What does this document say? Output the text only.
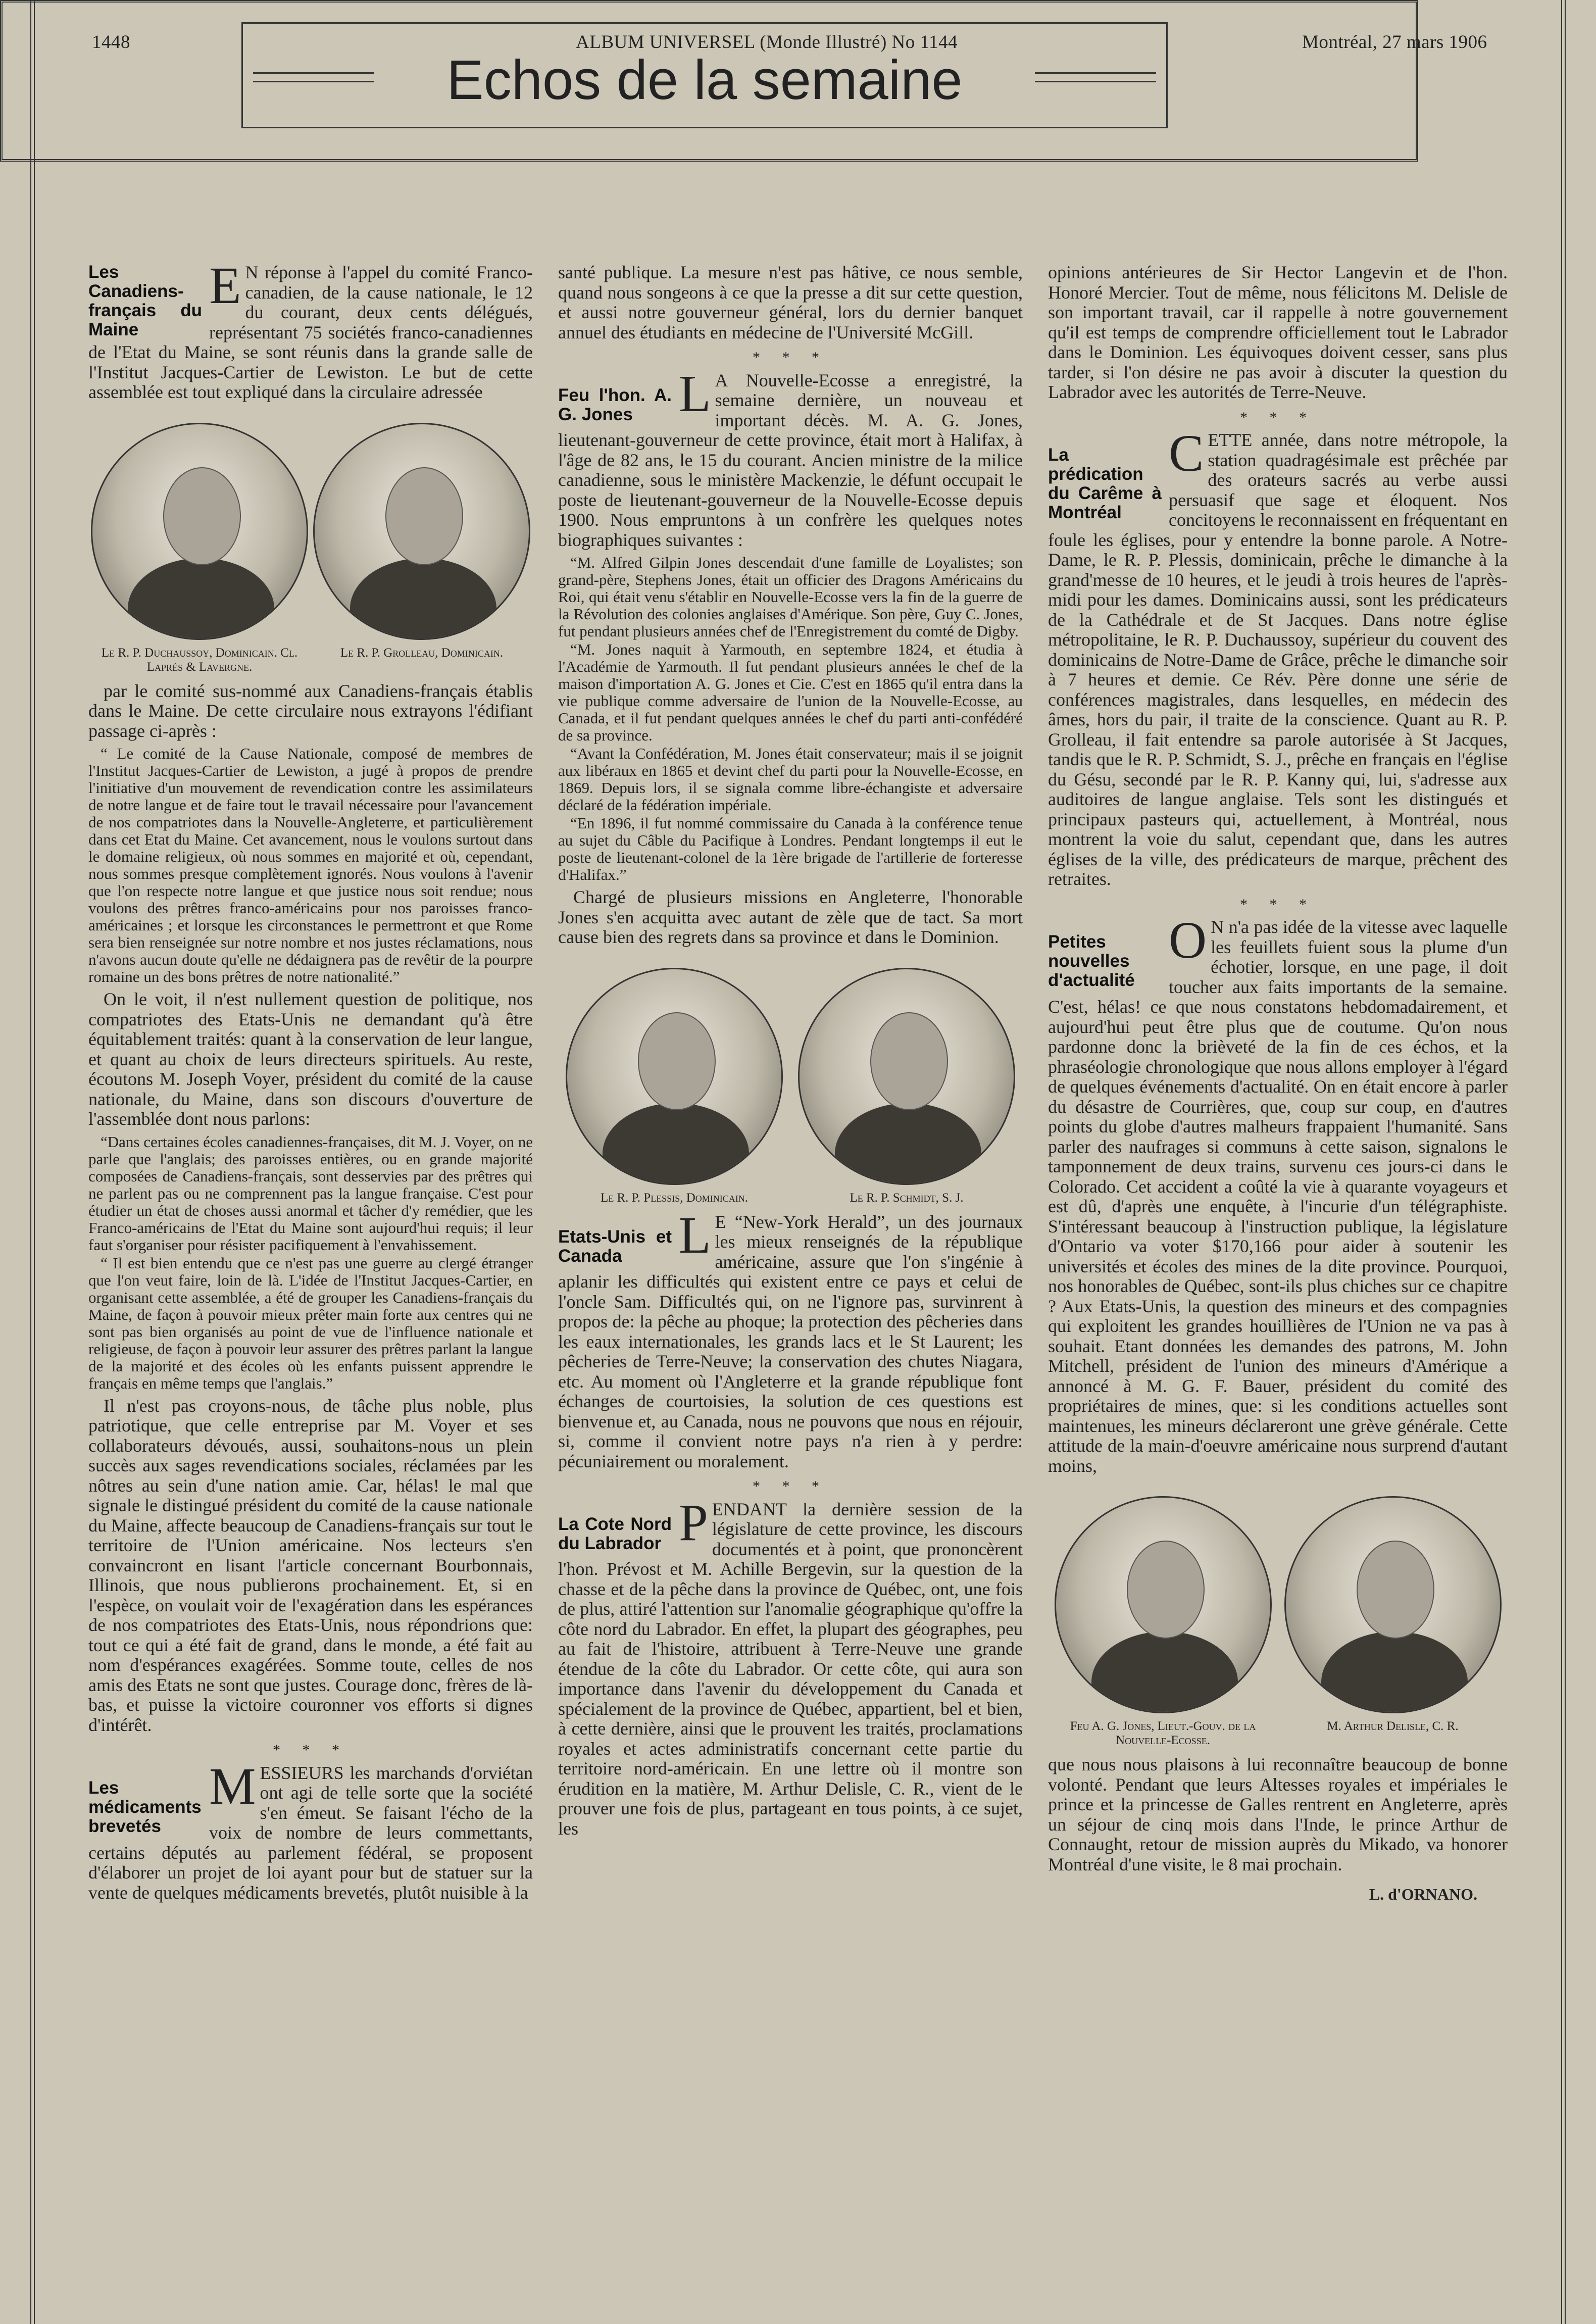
1448	ALBUM UNIVERSEL (Monde Illustré) No 1144	Montréal, 27 mars 1906
Echos de la semaine

Les Canadiens-français du Maine
E N réponse à l'appel du comité Franco-canadien, de la cause nationale, le 12 du courant, deux cents délégués, représentant 75 sociétés franco-canadiennes de l'Etat du Maine, se sont réunis dans la grande salle de l'Institut Jacques-Cartier de Lewiston. Le but de cette assemblée est tout expliqué dans la circulaire adressée

Le R. P. Duchaussoy, Dominicain. Cl. Laprés & Lavergne.
Le R. P. Grolleau, Dominicain.

par le comité sus-nommé aux Canadiens-français établis dans le Maine. De cette circulaire nous extrayons l'édifiant passage ci-après :

“ Le comité de la Cause Nationale, composé de membres de l'Institut Jacques-Cartier de Lewiston, a jugé à propos de prendre l'initiative d'un mouvement de revendication contre les assimilateurs de notre langue et de faire tout le travail nécessaire pour l'avancement de nos compatriotes dans la Nouvelle-Angleterre, et particulièrement dans cet Etat du Maine. Cet avancement, nous le voulons surtout dans le domaine religieux, où nous sommes en majorité et où, cependant, nous sommes presque complètement ignorés. Nous voulons à l'avenir que l'on respecte notre langue et que justice nous soit rendue; nous voulons des prêtres franco-américains pour nos paroisses franco-américaines ; et lorsque les circonstances le permettront et que Rome sera bien renseignée sur notre nombre et nos justes réclamations, nous n'avons aucun doute qu'elle ne dédaignera pas de revêtir de la pourpre romaine un des bons prêtres de notre nationalité.”

On le voit, il n'est nullement question de politique, nos compatriotes des Etats-Unis ne demandant qu'à être équitablement traités: quant à la conservation de leur langue, et quant au choix de leurs directeurs spirituels. Au reste, écoutons M. Joseph Voyer, président du comité de la cause nationale, du Maine, dans son discours d'ouverture de l'assemblée dont nous parlons:

“Dans certaines écoles canadiennes-françaises, dit M. J. Voyer, on ne parle que l'anglais; des paroisses entières, ou en grande majorité composées de Canadiens-français, sont desservies par des prêtres qui ne parlent pas ou ne comprennent pas la langue française. C'est pour étudier un état de choses aussi anormal et tâcher d'y remédier, que les Franco-américains de l'Etat du Maine sont aujourd'hui requis; il leur faut s'organiser pour résister pacifiquement à l'envahissement.

“ Il est bien entendu que ce n'est pas une guerre au clergé étranger que l'on veut faire, loin de là. L'idée de l'Institut Jacques-Cartier, en organisant cette assemblée, a été de grouper les Canadiens-français du Maine, de façon à pouvoir mieux prêter main forte aux centres qui ne sont pas bien organisés au point de vue de l'influence nationale et religieuse, de façon à pouvoir leur assurer des prêtres parlant la langue de la majorité et des écoles où les enfants puissent apprendre le français en même temps que l'anglais.”

Il n'est pas croyons-nous, de tâche plus noble, plus patriotique, que celle entreprise par M. Voyer et ses collaborateurs dévoués, aussi, souhaitons-nous un plein succès aux sages revendications sociales, réclamées par les nôtres au sein d'une nation amie. Car, hélas! le mal que signale le distingué président du comité de la cause nationale du Maine, affecte beaucoup de Canadiens-français sur tout le territoire de l'Union américaine. Nos lecteurs s'en convaincront en lisant l'article concernant Bourbonnais, Illinois, que nous publierons prochainement. Et, si en l'espèce, on voulait voir de l'exagération dans les espérances de nos compatriotes des Etats-Unis, nous répondrions que: tout ce qui a été fait de grand, dans le monde, a été fait au nom d'espérances exagérées. Somme toute, celles de nos amis des Etats ne sont que justes. Courage donc, frères de là-bas, et puisse la victoire couronner vos efforts si dignes d'intérêt.

* * *

Les médicaments brevetés
M ESSIEURS les marchands d'orviétan ont agi de telle sorte que la société s'en émeut. Se faisant l'écho de la voix de nombre de leurs commettants, certains députés au parlement fédéral, se proposent d'élaborer un projet de loi ayant pour but de statuer sur la vente de quelques médicaments brevetés, plutôt nuisible à la

santé publique. La mesure n'est pas hâtive, ce nous semble, quand nous songeons à ce que la presse a dit sur cette question, et aussi notre gouverneur général, lors du dernier banquet annuel des étudiants en médecine de l'Université McGill.

* * *

Feu l'hon. A. G. Jones L A Nouvelle-Ecosse a enregistré, la semaine dernière, un nouveau et important décès. M. A. G. Jones, lieutenant-gouverneur de cette province, était mort à Halifax, à l'âge de 82 ans, le 15 du courant. Ancien ministre de la milice canadienne, sous le ministère Mackenzie, le défunt occupait le poste de lieutenant-gouverneur de la Nouvelle-Ecosse depuis 1900. Nous empruntons à un confrère les quelques notes biographiques suivantes :

“M. Alfred Gilpin Jones descendait d'une famille de Loyalistes; son grand-père, Stephens Jones, était un officier des Dragons Américains du Roi, qui était venu s'établir en Nouvelle-Ecosse vers la fin de la guerre de la Révolution des colonies anglaises d'Amérique. Son père, Guy C. Jones, fut pendant plusieurs années chef de l'Enregistrement du comté de Digby.

“M. Jones naquit à Yarmouth, en septembre 1824, et étudia à l'Académie de Yarmouth. Il fut pendant plusieurs années le chef de la maison d'importation A. G. Jones et Cie. C'est en 1865 qu'il entra dans la vie publique comme adversaire de l'union de la Nouvelle-Ecosse, au Canada, et il fut pendant quelques années le chef du parti anti-confédéré de sa province.

“Avant la Confédération, M. Jones était conservateur; mais il se joignit aux libéraux en 1865 et devint chef du parti pour la Nouvelle-Ecosse, en 1869. Depuis lors, il se signala comme libre-échangiste et adversaire déclaré de la fédération impériale.

“En 1896, il fut nommé commissaire du Canada à la conférence tenue au sujet du Câble du Pacifique à Londres. Pendant longtemps il eut le poste de lieutenant-colonel de la 1ère brigade de l'artillerie de forteresse d'Halifax.”

Chargé de plusieurs missions en Angleterre, l'honorable Jones s'en acquitta avec autant de zèle que de tact. Sa mort cause bien des regrets dans sa province et dans le Dominion.

Le R. P. Plessis, Dominicain.	Le R. P. Schmidt, S. J.

Etats-Unis et Canada	L E “New-York Herald”, un des journaux les mieux renseignés de la république américaine, assure que l'on s'ingénie à aplanir les difficultés qui existent entre ce pays et celui de l'oncle Sam. Difficultés qui, on ne l'ignore pas, survinrent à propos de: la pêche au phoque; la protection des pêcheries dans les eaux internationales, les grands lacs et le St Laurent; les pêcheries de Terre-Neuve; la conservation des chutes Niagara, etc. Au moment où l'Angleterre et la grande république font échanges de courtoisies, la solution de ces questions est bienvenue et, au Canada, nous ne pouvons que nous en réjouir, si, comme il convient notre pays n'a rien à y perdre: pécuniairement ou moralement.

* * *

La Cote Nord du Labrador P ENDANT la dernière session de la législature de cette province, les discours documentés et à point, que prononcèrent l'hon. Prévost et M. Achille Bergevin, sur la question de la chasse et de la pêche dans la province de Québec, ont, une fois de plus, attiré l'attention sur l'anomalie géographique qu'offre la côte nord du Labrador. En effet, la plupart des géographes, peu au fait de l'histoire, attribuent à Terre-Neuve une grande étendue de la côte du Labrador. Or cette côte, qui aura son importance dans l'avenir du développement du Canada et spécialement de la province de Québec, appartient, bel et bien, à cette dernière, ainsi que le prouvent les traités, proclamations royales et actes administratifs concernant cette partie du territoire nord-américain. En une lettre où il montre son érudition en la matière, M. Arthur Delisle, C. R., vient de le prouver une fois de plus, partageant en tous points, à ce sujet, les

opinions antérieures de Sir Hector Langevin et de l'hon. Honoré Mercier. Tout de même, nous félicitons M. Delisle de son important travail, car il rappelle à notre gouvernement qu'il est temps de comprendre officiellement tout le Labrador dans le Dominion. Les équivoques doivent cesser, sans plus tarder, si l'on désire ne pas avoir à discuter la question du Labrador avec les autorités de Terre-Neuve.

* * *

La prédication du Carême à Montréal
C ETTE année, dans notre métropole, la station quadragésimale est prêchée par des orateurs sacrés au verbe aussi persuasif que sage et éloquent. Nos concitoyens le reconnaissent en fréquentant en foule les églises, pour y entendre la bonne parole. A Notre-Dame, le R. P. Plessis, dominicain, prêche le dimanche à la grand'messe de 10 heures, et le jeudi à trois heures de l'après-midi pour les dames. Dominicains aussi, sont les prédicateurs de la Cathédrale et de St Jacques. Dans notre église métropolitaine, le R. P. Duchaussoy, supérieur du couvent des dominicains de Notre-Dame de Grâce, prêche le dimanche soir à 7 heures et demie. Ce Rév. Père donne une série de conférences magistrales, dans lesquelles, en médecin des âmes, hors du pair, il traite de la conscience. Quant au R. P. Grolleau, il fait entendre sa parole autorisée à St Jacques, tandis que le R. P. Schmidt, S. J., prêche en français en l'église du Gésu, secondé par le R. P. Kanny qui, lui, s'adresse aux auditoires de langue anglaise. Tels sont les distingués et principaux pasteurs qui, actuellement, à Montréal, nous montrent la voie du salut, cependant que, dans les autres églises de la ville, des prédicateurs de marque, prêchent des retraites.

* * *

Petites nouvelles d'actualité
O N n'a pas idée de la vitesse avec laquelle les feuillets fuient sous la plume d'un échotier, lorsque, en une page, il doit toucher aux faits importants de la semaine. C'est, hélas! ce que nous constatons hebdomadairement, et aujourd'hui peut être plus que de coutume. Qu'on nous pardonne donc la brièveté de la fin de ces échos, et la phraséologie chronologique que nous allons employer à l'égard de quelques événements d'actualité. On en était encore à parler du désastre de Courrières, que, coup sur coup, en d'autres points du globe d'autres malheurs frappaient l'humanité. Sans parler des naufrages si communs à cette saison, signalons le tamponnement de deux trains, survenu ces jours-ci dans le Colorado. Cet accident a coûté la vie à quarante voyageurs et est dû, d'après une enquête, à l'incurie d'un télégraphiste. S'intéressant beaucoup à l'instruction publique, la législature d'Ontario va voter $170,166 pour aider à soutenir les universités et écoles des mines de la dite province. Pourquoi, nos honorables de Québec, sont-ils plus chiches sur ce chapitre ? Aux Etats-Unis, la question des mineurs et des compagnies qui exploitent les grandes houillières de l'Union ne va pas à souhait. Etant données les demandes des patrons, M. John Mitchell, président de l'union des mineurs d'Amérique a annoncé à M. G. F. Bauer, président du comité des propriétaires de mines, que: si les conditions actuelles sont maintenues, les mineurs déclareront une grève générale. Cette attitude de la main-d'oeuvre américaine nous surprend d'autant moins,

Feu A. G. Jones, Lieut.-Gouv. de la Nouvelle-Ecosse.
M. Arthur Delisle, C. R.

que nous nous plaisons à lui reconnaître beaucoup de bonne volonté. Pendant que leurs Altesses royales et impériales le prince et la princesse de Galles rentrent en Angleterre, après un séjour de cinq mois dans l'Inde, le prince Arthur de Connaught, retour de mission auprès du Mikado, va honorer Montréal d'une visite, le 8 mai prochain.

L. d'ORNANO.
